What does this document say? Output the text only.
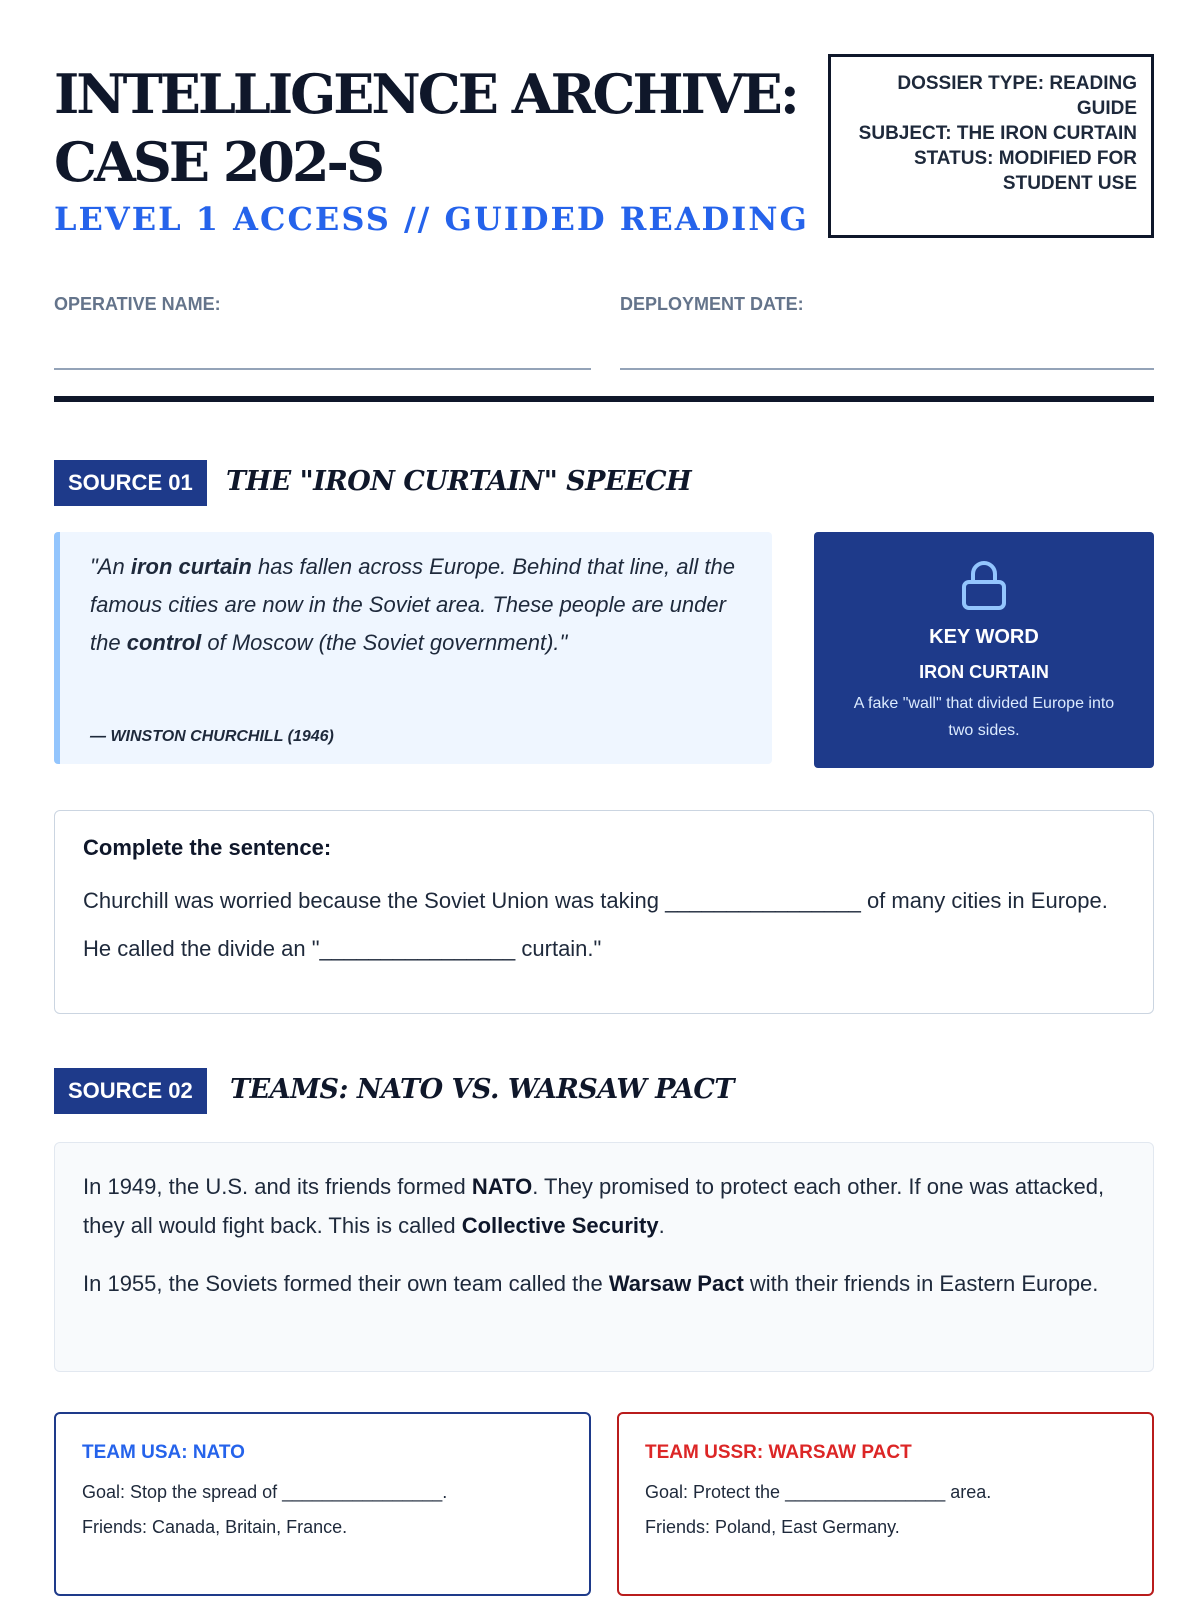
INTELLIGENCE ARCHIVE:
CASE 202-S
LEVEL 1 ACCESS // GUIDED READING
DOSSIER TYPE: READING GUIDE
SUBJECT: THE IRON CURTAIN
STATUS: MODIFIED FOR STUDENT USE
OPERATIVE NAME:	DEPLOYMENT DATE:
SOURCE 01	THE "IRON CURTAIN" SPEECH

"An iron curtain has fallen across Europe. Behind that line, all the famous cities are now in the Soviet area. These people are under the control of Moscow (the Soviet government)."

— WINSTON CHURCHILL (1946)
KEY WORD
IRON CURTAIN
A fake "wall" that divided Europe into two sides.
Complete the sentence:

Churchill was worried because the Soviet Union was taking ________________ of many cities in Europe. He called the divide an "________________ curtain."

SOURCE 02	TEAMS: NATO VS. WARSAW PACT

In 1949, the U.S. and its friends formed NATO. They promised to protect each other. If one was attacked, they all would fight back. This is called Collective Security.

In 1955, the Soviets formed their own team called the Warsaw Pact with their friends in Eastern Europe.

TEAM USA: NATO
Goal: Stop the spread of ________________.
Friends: Canada, Britain, France.
TEAM USSR: WARSAW PACT
Goal: Protect the ________________ area.
Friends: Poland, East Germany.
